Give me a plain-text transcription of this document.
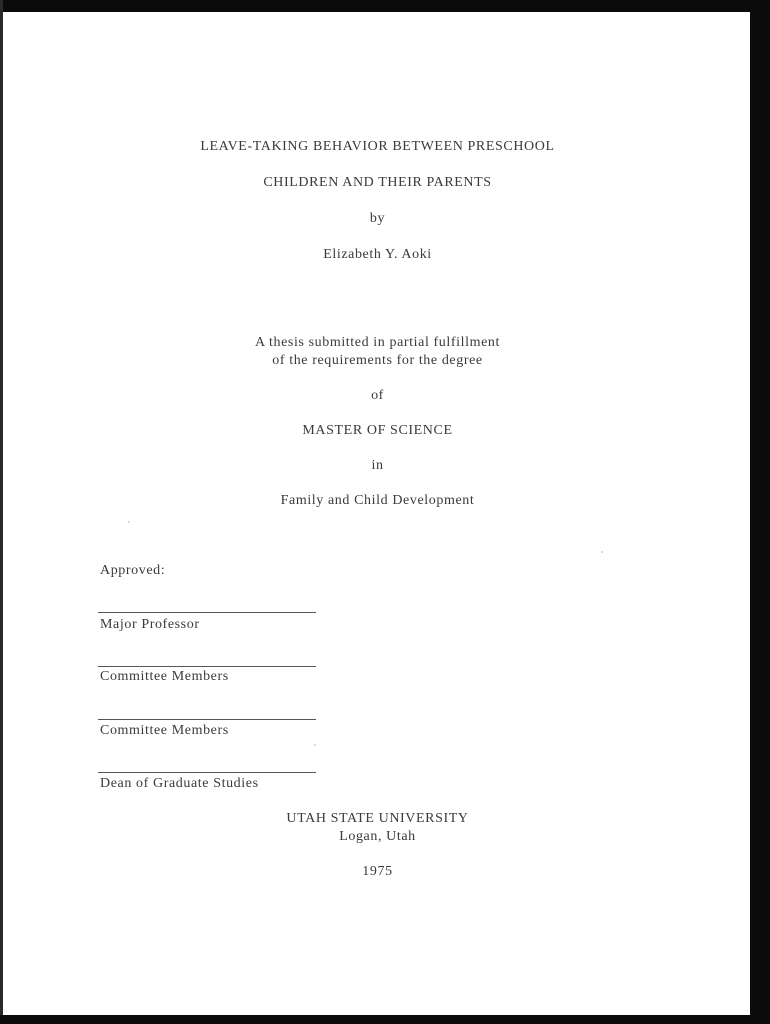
LEAVE-TAKING BEHAVIOR BETWEEN PRESCHOOL
CHILDREN AND THEIR PARENTS
by
Elizabeth Y. Aoki
A thesis submitted in partial fulfillment
of the requirements for the degree
of
MASTER OF SCIENCE
in
Family and Child Development
Approved:
Major Professor
Committee Members
Committee Members
Dean of Graduate Studies
UTAH STATE UNIVERSITY
Logan, Utah
1975
